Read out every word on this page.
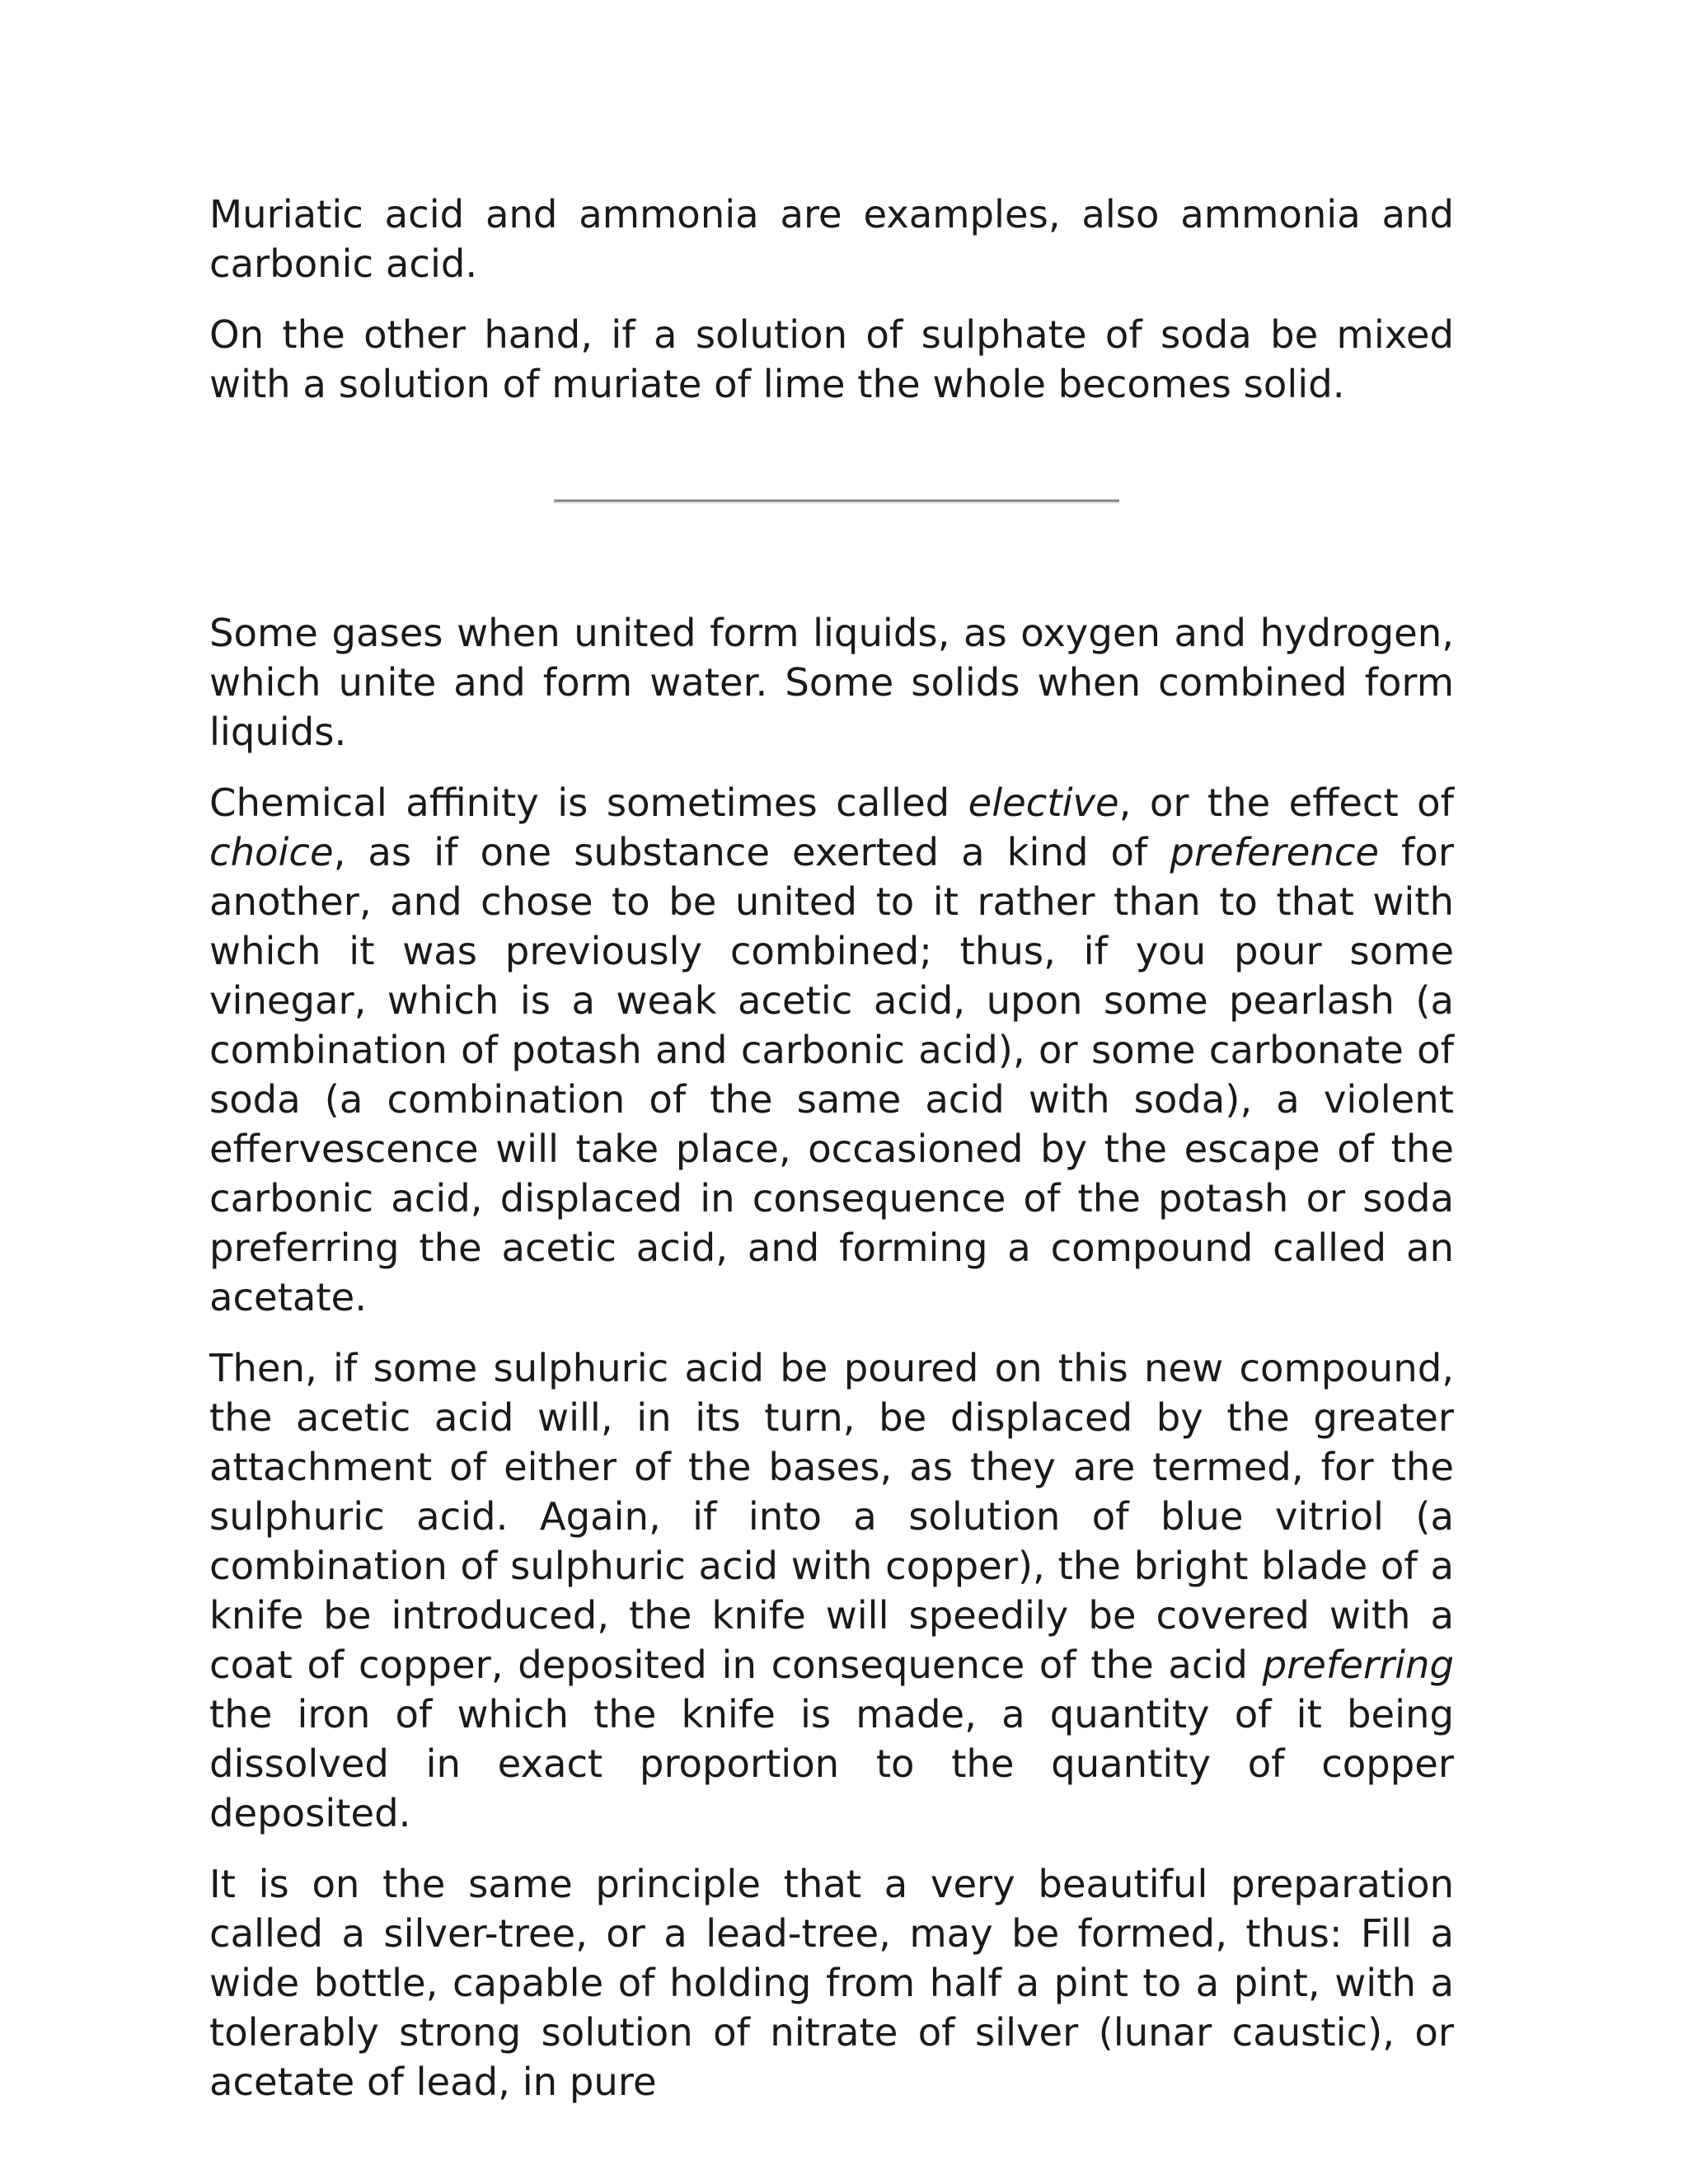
Muriatic acid and ammonia are examples, also ammonia and carbonic acid.

On the other hand, if a solution of sulphate of soda be mixed with a solution of muriate of lime the whole becomes solid.

Some gases when united form liquids, as oxygen and hydrogen, which unite and form water. Some solids when combined form liquids.

Chemical affinity is sometimes called elective, or the effect of choice, as if one substance exerted a kind of preference for another, and chose to be united to it rather than to that with which it was previously combined; thus, if you pour some vinegar, which is a weak acetic acid, upon some pearlash (a combination of potash and carbonic acid), or some carbonate of soda (a combination of the same acid with soda), a violent effervescence will take place, occasioned by the escape of the carbonic acid, displaced in consequence of the potash or soda preferring the acetic acid, and forming a compound called an acetate.

Then, if some sulphuric acid be poured on this new compound, the acetic acid will, in its turn, be displaced by the greater attachment of either of the bases, as they are termed, for the sulphuric acid. Again, if into a solution of blue vitriol (a combination of sulphuric acid with copper), the bright blade of a knife be introduced, the knife will speedily be covered with a coat of copper, deposited in consequence of the acid preferring the iron of which the knife is made, a quantity of it being dissolved in exact proportion to the quantity of copper deposited.

It is on the same principle that a very beautiful preparation called a silver-tree, or a lead-tree, may be formed, thus: Fill a wide bottle, capable of holding from half a pint to a pint, with a tolerably strong solution of nitrate of silver (lunar caustic), or acetate of lead, in pure
